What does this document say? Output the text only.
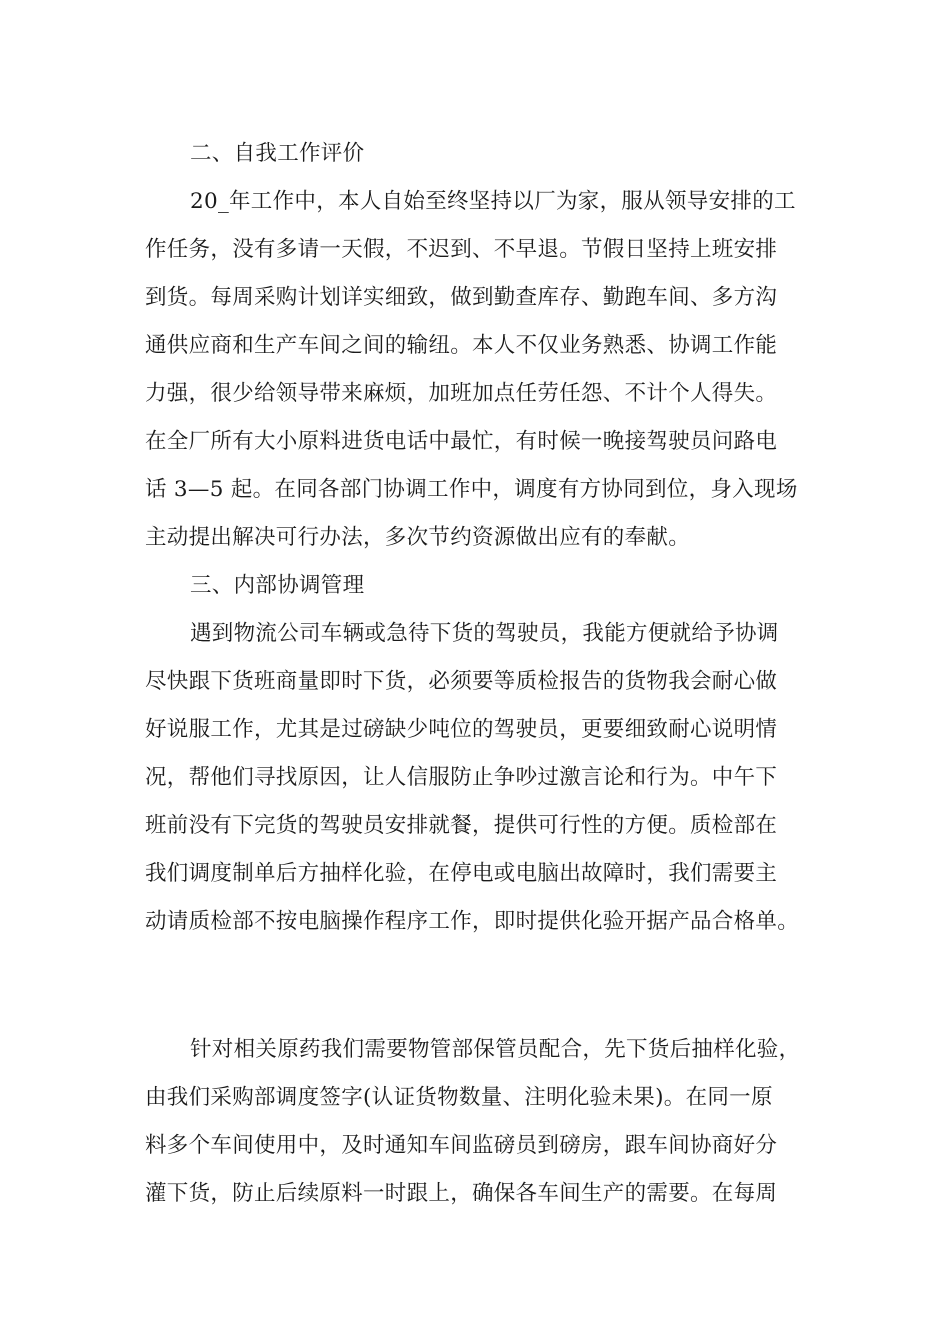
二、自我工作评价
20_年工作中，本人自始至终坚持以厂为家，服从领导安排的工
作任务，没有多请一天假，不迟到、不早退。节假日坚持上班安排
到货。每周采购计划详实细致，做到勤查库存、勤跑车间、多方沟
通供应商和生产车间之间的输纽。本人不仅业务熟悉、协调工作能
力强，很少给领导带来麻烦，加班加点任劳任怨、不计个人得失。
在全厂所有大小原料进货电话中最忙，有时候一晚接驾驶员问路电
话 3—5 起。在同各部门协调工作中，调度有方协同到位，身入现场
主动提出解决可行办法，多次节约资源做出应有的奉献。
三、内部协调管理
遇到物流公司车辆或急待下货的驾驶员，我能方便就给予协调
尽快跟下货班商量即时下货，必须要等质检报告的货物我会耐心做
好说服工作，尤其是过磅缺少吨位的驾驶员，更要细致耐心说明情
况，帮他们寻找原因，让人信服防止争吵过激言论和行为。中午下
班前没有下完货的驾驶员安排就餐，提供可行性的方便。质检部在
我们调度制单后方抽样化验，在停电或电脑出故障时，我们需要主
动请质检部不按电脑操作程序工作，即时提供化验开据产品合格单。
针对相关原药我们需要物管部保管员配合，先下货后抽样化验，
由我们采购部调度签字(认证货物数量、注明化验未果)。在同一原
料多个车间使用中，及时通知车间监磅员到磅房，跟车间协商好分
灌下货，防止后续原料一时跟上，确保各车间生产的需要。在每周
